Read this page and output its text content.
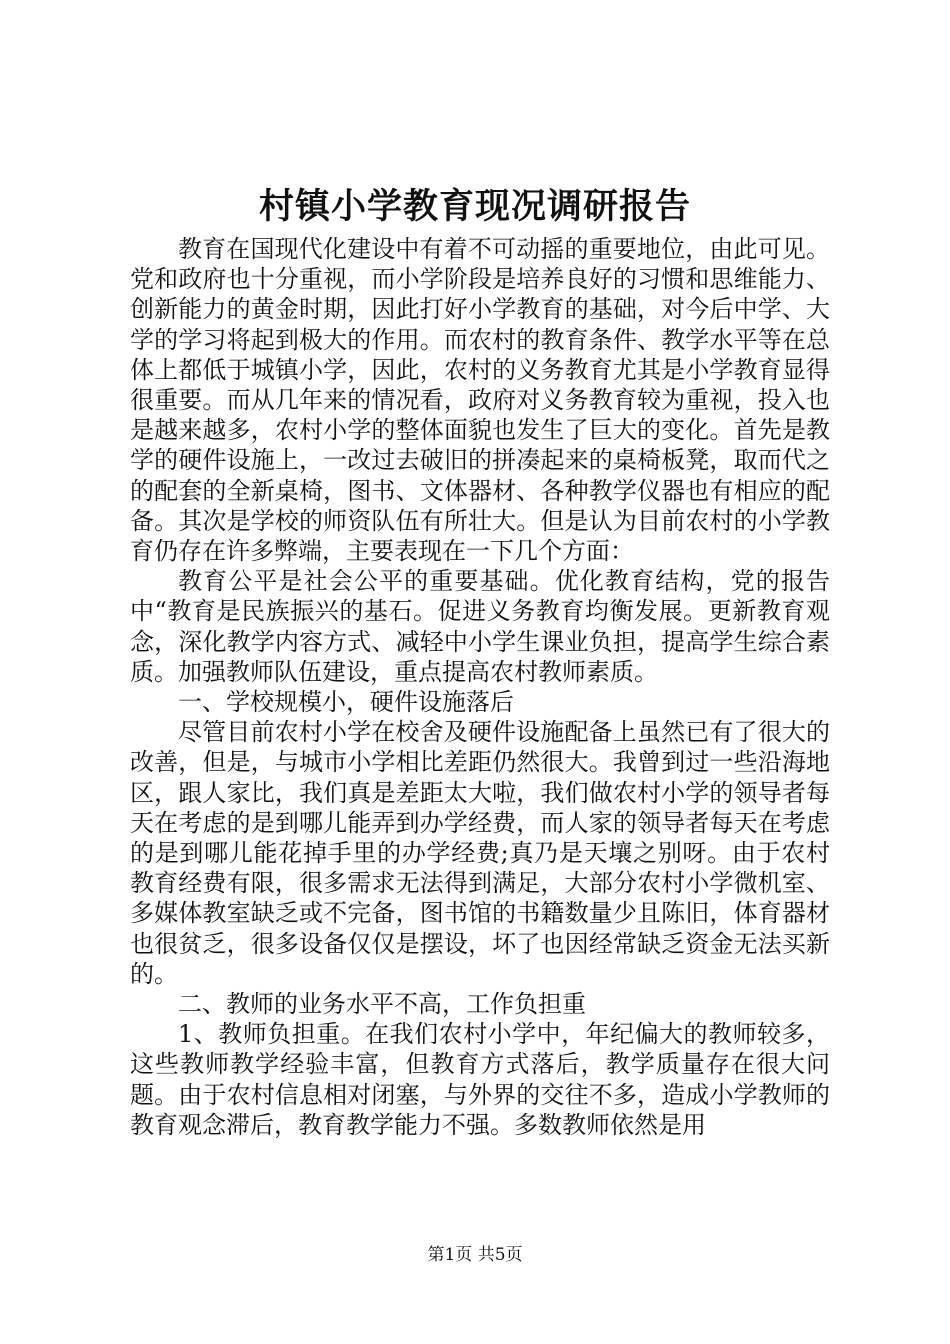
村镇小学教育现况调研报告

教育在国现代化建设中有着不可动摇的重要地位，由此可见。党和政府也十分重视，而小学阶段是培养良好的习惯和思维能力、创新能力的黄金时期，因此打好小学教育的基础，对今后中学、大学的学习将起到极大的作用。而农村的教育条件、教学水平等在总体上都低于城镇小学，因此，农村的义务教育尤其是小学教育显得很重要。而从几年来的情况看，政府对义务教育较为重视，投入也是越来越多，农村小学的整体面貌也发生了巨大的变化。首先是教学的硬件设施上，一改过去破旧的拼凑起来的桌椅板凳，取而代之的配套的全新桌椅，图书、文体器材、各种教学仪器也有相应的配备。其次是学校的师资队伍有所壮大。但是认为目前农村的小学教育仍存在许多弊端，主要表现在一下几个方面：

教育公平是社会公平的重要基础。优化教育结构，党的报告中“教育是民族振兴的基石。促进义务教育均衡发展。更新教育观念，深化教学内容方式、减轻中小学生课业负担，提高学生综合素质。加强教师队伍建设，重点提高农村教师素质。

一、学校规模小，硬件设施落后

尽管目前农村小学在校舍及硬件设施配备上虽然已有了很大的改善，但是，与城市小学相比差距仍然很大。我曾到过一些沿海地区，跟人家比，我们真是差距太大啦，我们做农村小学的领导者每天在考虑的是到哪儿能弄到办学经费，而人家的领导者每天在考虑的是到哪儿能花掉手里的办学经费;真乃是天壤之别呀。由于农村教育经费有限，很多需求无法得到满足，大部分农村小学微机室、多媒体教室缺乏或不完备，图书馆的书籍数量少且陈旧，体育器材也很贫乏，很多设备仅仅是摆设，坏了也因经常缺乏资金无法买新的。

二、教师的业务水平不高，工作负担重

1、教师负担重。在我们农村小学中，年纪偏大的教师较多，这些教师教学经验丰富，但教育方式落后，教学质量存在很大问题。由于农村信息相对闭塞，与外界的交往不多，造成小学教师的教育观念滞后，教育教学能力不强。多数教师依然是用

第1页 共5页
